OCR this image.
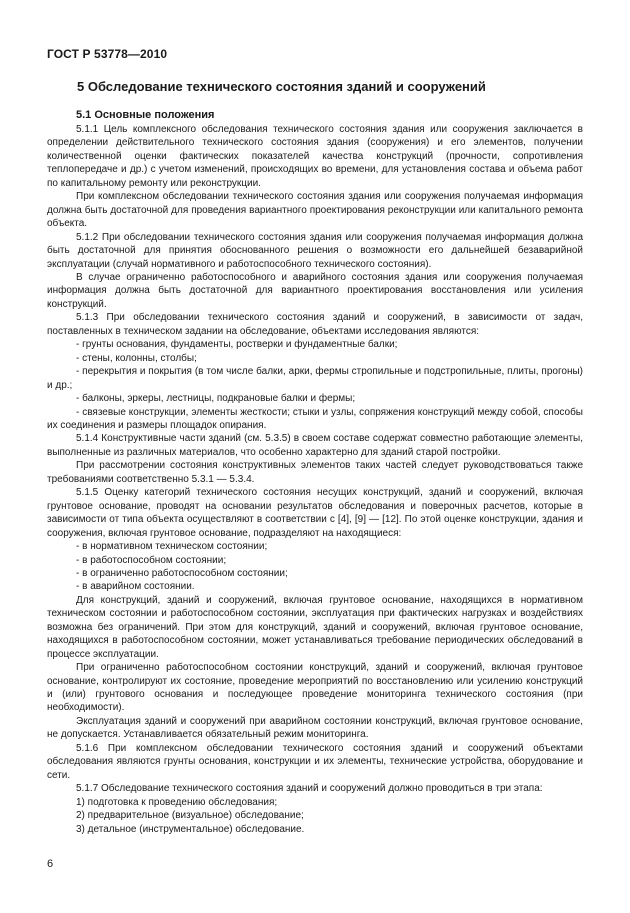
ГОСТ Р 53778—2010
5 Обследование технического состояния зданий и сооружений
5.1 Основные положения

5.1.1 Цель комплексного обследования технического состояния здания или сооружения заключается в определении действительного технического состояния здания (сооружения) и его элементов, получении количественной оценки фактических показателей качества конструкций (прочности, сопротивления теплопередаче и др.) с учетом изменений, происходящих во времени, для установления состава и объема работ по капитальному ремонту или реконструкции.

При комплексном обследовании технического состояния здания или сооружения получаемая информация должна быть достаточной для проведения вариантного проектирования реконструкции или капитального ремонта объекта.

5.1.2 При обследовании технического состояния здания или сооружения получаемая информация должна быть достаточной для принятия обоснованного решения о возможности его дальнейшей безаварийной эксплуатации (случай нормативного и работоспособного технического состояния).

В случае ограниченно работоспособного и аварийного состояния здания или сооружения получаемая информация должна быть достаточной для вариантного проектирования восстановления или усиления конструкций.

5.1.3 При обследовании технического состояния зданий и сооружений, в зависимости от задач, поставленных в техническом задании на обследование, объектами исследования являются:

- грунты основания, фундаменты, ростверки и фундаментные балки;

- стены, колонны, столбы;

- перекрытия и покрытия (в том числе балки, арки, фермы стропильные и подстропильные, плиты, прогоны) и др.;

- балконы, эркеры, лестницы, подкрановые балки и фермы;

- связевые конструкции, элементы жесткости; стыки и узлы, сопряжения конструкций между собой, способы их соединения и размеры площадок опирания.

5.1.4 Конструктивные части зданий (см. 5.3.5) в своем составе содержат совместно работающие элементы, выполненные из различных материалов, что особенно характерно для зданий старой постройки.

При рассмотрении состояния конструктивных элементов таких частей следует руководствоваться также требованиями соответственно 5.3.1 — 5.3.4.

5.1.5 Оценку категорий технического состояния несущих конструкций, зданий и сооружений, включая грунтовое основание, проводят на основании результатов обследования и поверочных расчетов, которые в зависимости от типа объекта осуществляют в соответствии с [4], [9] — [12]. По этой оценке конструкции, здания и сооружения, включая грунтовое основание, подразделяют на находящиеся:

- в нормативном техническом состоянии;

- в работоспособном состоянии;

- в ограниченно работоспособном состоянии;

- в аварийном состоянии.

Для конструкций, зданий и сооружений, включая грунтовое основание, находящихся в нормативном техническом состоянии и работоспособном состоянии, эксплуатация при фактических нагрузках и воздействиях возможна без ограничений. При этом для конструкций, зданий и сооружений, включая грунтовое основание, находящихся в работоспособном состоянии, может устанавливаться требование периодических обследований в процессе эксплуатации.

При ограниченно работоспособном состоянии конструкций, зданий и сооружений, включая грунтовое основание, контролируют их состояние, проведение мероприятий по восстановлению или усилению конструкций и (или) грунтового основания и последующее проведение мониторинга технического состояния (при необходимости).

Эксплуатация зданий и сооружений при аварийном состоянии конструкций, включая грунтовое основание, не допускается. Устанавливается обязательный режим мониторинга.

5.1.6 При комплексном обследовании технического состояния зданий и сооружений объектами обследования являются грунты основания, конструкции и их элементы, технические устройства, оборудование и сети.

5.1.7 Обследование технического состояния зданий и сооружений должно проводиться в три этапа:

1) подготовка к проведению обследования;

2) предварительное (визуальное) обследование;

3) детальное (инструментальное) обследование.

6
